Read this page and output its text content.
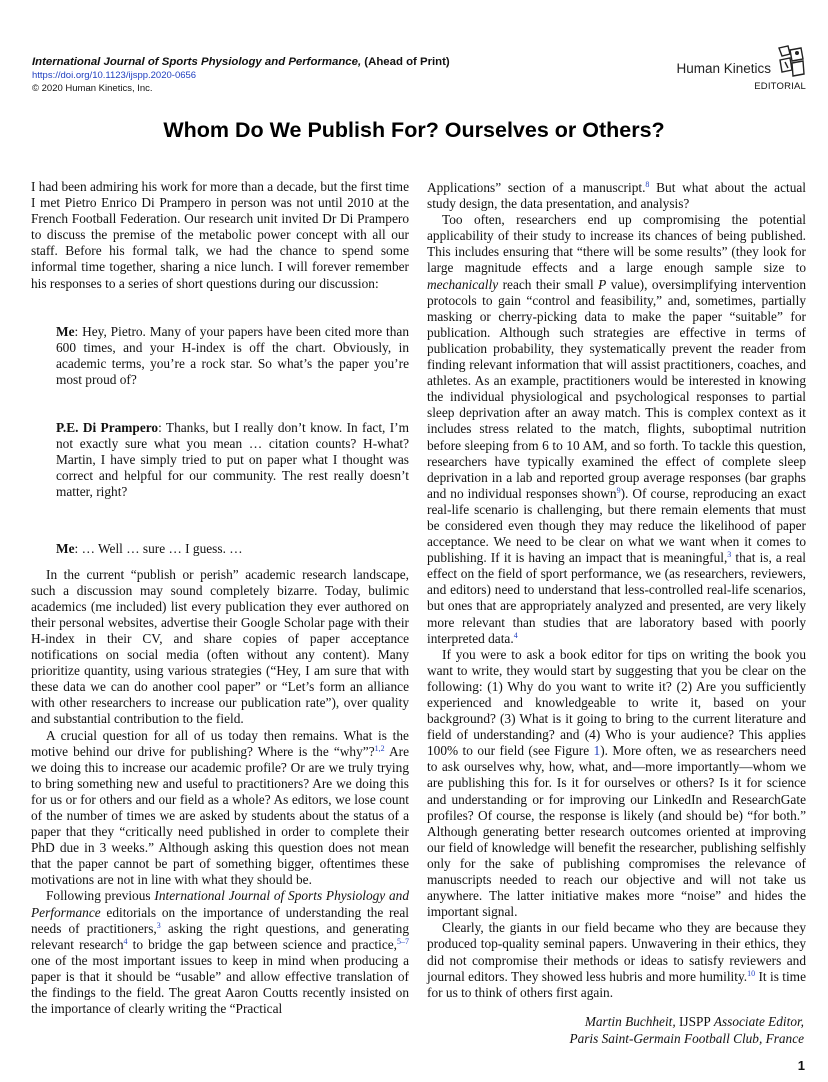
International Journal of Sports Physiology and Performance, (Ahead of Print)
https://doi.org/10.1123/ijspp.2020-0656
© 2020 Human Kinetics, Inc.
Human Kinetics
EDITORIAL
Whom Do We Publish For? Ourselves or Others?

I had been admiring his work for more than a decade, but the first time I met Pietro Enrico Di Prampero in person was not until 2010 at the French Football Federation. Our research unit invited Dr Di Prampero to discuss the premise of the metabolic power concept with all our staff. Before his formal talk, we had the chance to spend some informal time together, sharing a nice lunch. I will forever remember his responses to a series of short questions during our discussion:

Me: Hey, Pietro. Many of your papers have been cited more than 600 times, and your H-index is off the chart. Obviously, in academic terms, you’re a rock star. So what’s the paper you’re most proud of?

P.E. Di Prampero: Thanks, but I really don’t know. In fact, I’m not exactly sure what you mean … citation counts? H-what? Martin, I have simply tried to put on paper what I thought was correct and helpful for our community. The rest really doesn’t matter, right?

Me: … Well … sure … I guess. …

In the current “publish or perish” academic research landscape, such a discussion may sound completely bizarre. Today, bulimic academics (me included) list every publication they ever authored on their personal websites, advertise their Google Scholar page with their H-index in their CV, and share copies of paper acceptance notifications on social media (often without any content). Many prioritize quantity, using various strategies (“Hey, I am sure that with these data we can do another cool paper” or “Let’s form an alliance with other researchers to increase our publication rate”), over quality and substantial contribution to the field.

A crucial question for all of us today then remains. What is the motive behind our drive for publishing? Where is the “why”?$^{1,2}$ Are we doing this to increase our academic profile? Or are we truly trying to bring something new and useful to practitioners? Are we doing this for us or for others and our field as a whole? As editors, we lose count of the number of times we are asked by students about the status of a paper that they “critically need published in order to complete their PhD due in 3 weeks.” Although asking this question does not mean that the paper cannot be part of something bigger, oftentimes these motivations are not in line with what they should be.

Following previous International Journal of Sports Physiology and Performance editorials on the importance of understanding the real needs of practitioners,$^3$ asking the right questions, and generating relevant research$^4$ to bridge the gap between science and practice,$^{5-7}$ one of the most important issues to keep in mind when producing a paper is that it should be “usable” and allow effective translation of the findings to the field. The great Aaron Coutts recently insisted on the importance of clearly writing the “Practical

Applications” section of a manuscript.$^8$ But what about the actual study design, the data presentation, and analysis?

Too often, researchers end up compromising the potential applicability of their study to increase its chances of being published. This includes ensuring that “there will be some results” (they look for large magnitude effects and a large enough sample size to mechanically reach their small P value), oversimplifying intervention protocols to gain “control and feasibility,” and, sometimes, partially masking or cherry-picking data to make the paper “suitable” for publication. Although such strategies are effective in terms of publication probability, they systematically prevent the reader from finding relevant information that will assist practitioners, coaches, and athletes. As an example, practitioners would be interested in knowing the individual physiological and psychological responses to partial sleep deprivation after an away match. This is complex context as it includes stress related to the match, flights, suboptimal nutrition before sleeping from 6 to 10 AM, and so forth. To tackle this question, researchers have typically examined the effect of complete sleep deprivation in a lab and reported group average responses (bar graphs and no individual responses shown$^9$). Of course, reproducing an exact real-life scenario is challenging, but there remain elements that must be considered even though they may reduce the likelihood of paper acceptance. We need to be clear on what we want when it comes to publishing. If it is having an impact that is meaningful,$^3$ that is, a real effect on the field of sport performance, we (as researchers, reviewers, and editors) need to understand that less-controlled real-life scenarios, but ones that are appropriately analyzed and presented, are very likely more relevant than studies that are laboratory based with poorly interpreted data.$^4$

If you were to ask a book editor for tips on writing the book you want to write, they would start by suggesting that you be clear on the following: (1) Why do you want to write it? (2) Are you sufficiently experienced and knowledgeable to write it, based on your background? (3) What is it going to bring to the current literature and field of understanding? and (4) Who is your audience? This applies 100% to our field (see Figure 1). More often, we as researchers need to ask ourselves why, how, what, and—more importantly—whom we are publishing this for. Is it for ourselves or others? Is it for science and understanding or for improving our LinkedIn and ResearchGate profiles? Of course, the response is likely (and should be) “for both.” Although generating better research outcomes oriented at improving our field of knowledge will benefit the researcher, publishing selfishly only for the sake of publishing compromises the relevance of manuscripts needed to reach our objective and will not take us anywhere. The latter initiative makes more “noise” and hides the important signal.

Clearly, the giants in our field became who they are because they produced top-quality seminal papers. Unwavering in their ethics, they did not compromise their methods or ideas to satisfy reviewers and journal editors. They showed less hubris and more humility.$^{10}$ It is time for us to think of others first again.

Martin Buchheit, IJSPP Associate Editor,
Paris Saint-Germain Football Club, France
1
